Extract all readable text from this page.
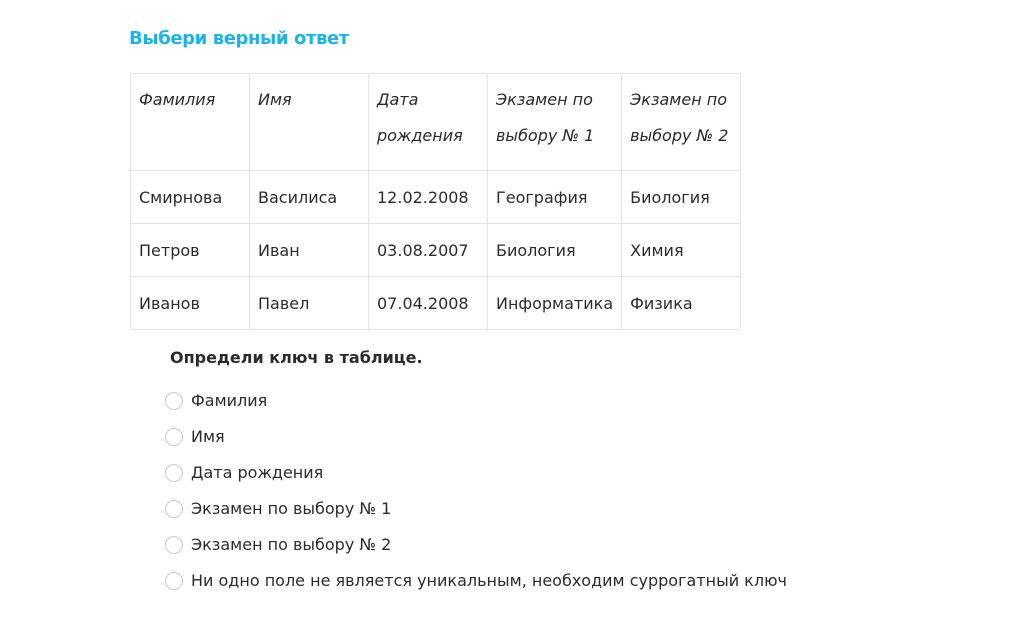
Выбери верный ответ
Фамилия	Имя	Дата рождения	Экзамен по выбору № 1	Экзамен по выбору № 2
Смирнова	Василиса	12.02.2008	География	Биология
Петров	Иван	03.08.2007	Биология	Химия
Иванов	Павел	07.04.2008	Информатика	Физика

Определи ключ в таблице.

Фамилия
Имя
Дата рождения
Экзамен по выбору № 1
Экзамен по выбору № 2
Ни одно поле не является уникальным, необходим суррогатный ключ
